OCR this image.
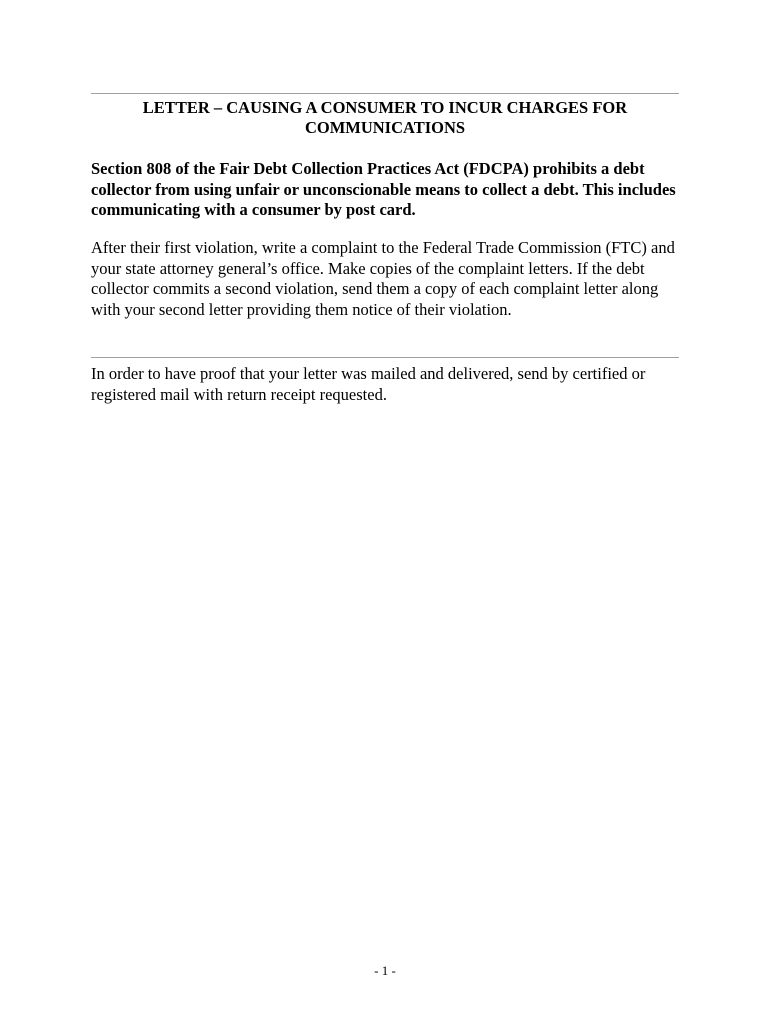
LETTER – CAUSING A CONSUMER TO INCUR CHARGES FOR COMMUNICATIONS
Section 808 of the Fair Debt Collection Practices Act (FDCPA) prohibits a debt collector from using unfair or unconscionable means to collect a debt. This includes communicating with a consumer by post card.
After their first violation, write a complaint to the Federal Trade Commission (FTC) and your state attorney general’s office. Make copies of the complaint letters. If the debt collector commits a second violation, send them a copy of each complaint letter along with your second letter providing them notice of their violation.
In order to have proof that your letter was mailed and delivered, send by certified or registered mail with return receipt requested.
- 1 -
